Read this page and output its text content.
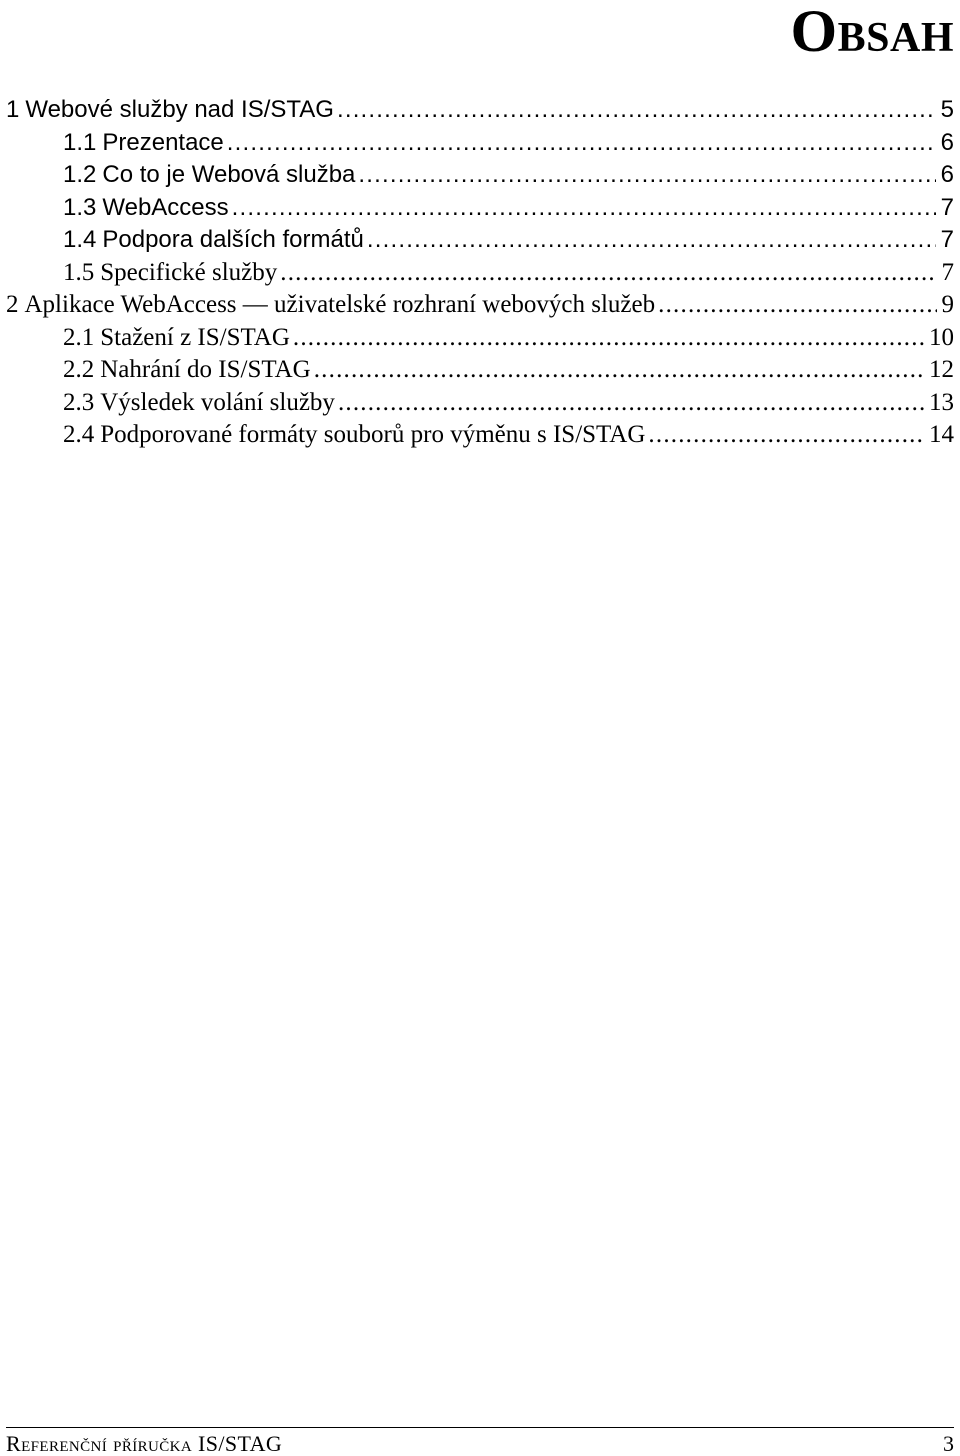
Obsah
1 Webové služby nad IS/STAG .....	5
1.1 Prezentace .....	6
1.2 Co to je Webová služba .....	6
1.3 WebAccess .....	7
1.4 Podpora dalších formátů .....	7
1.5 Specifické služby .....	7
2 Aplikace WebAccess — uživatelské rozhraní webových služeb .....	9
2.1 Stažení z IS/STAG .....	10
2.2 Nahrání do IS/STAG .....	12
2.3 Výsledek volání služby .....	13
2.4 Podporované formáty souborů pro výměnu s IS/STAG .....	14
Referenční příručka IS/STAG	3
